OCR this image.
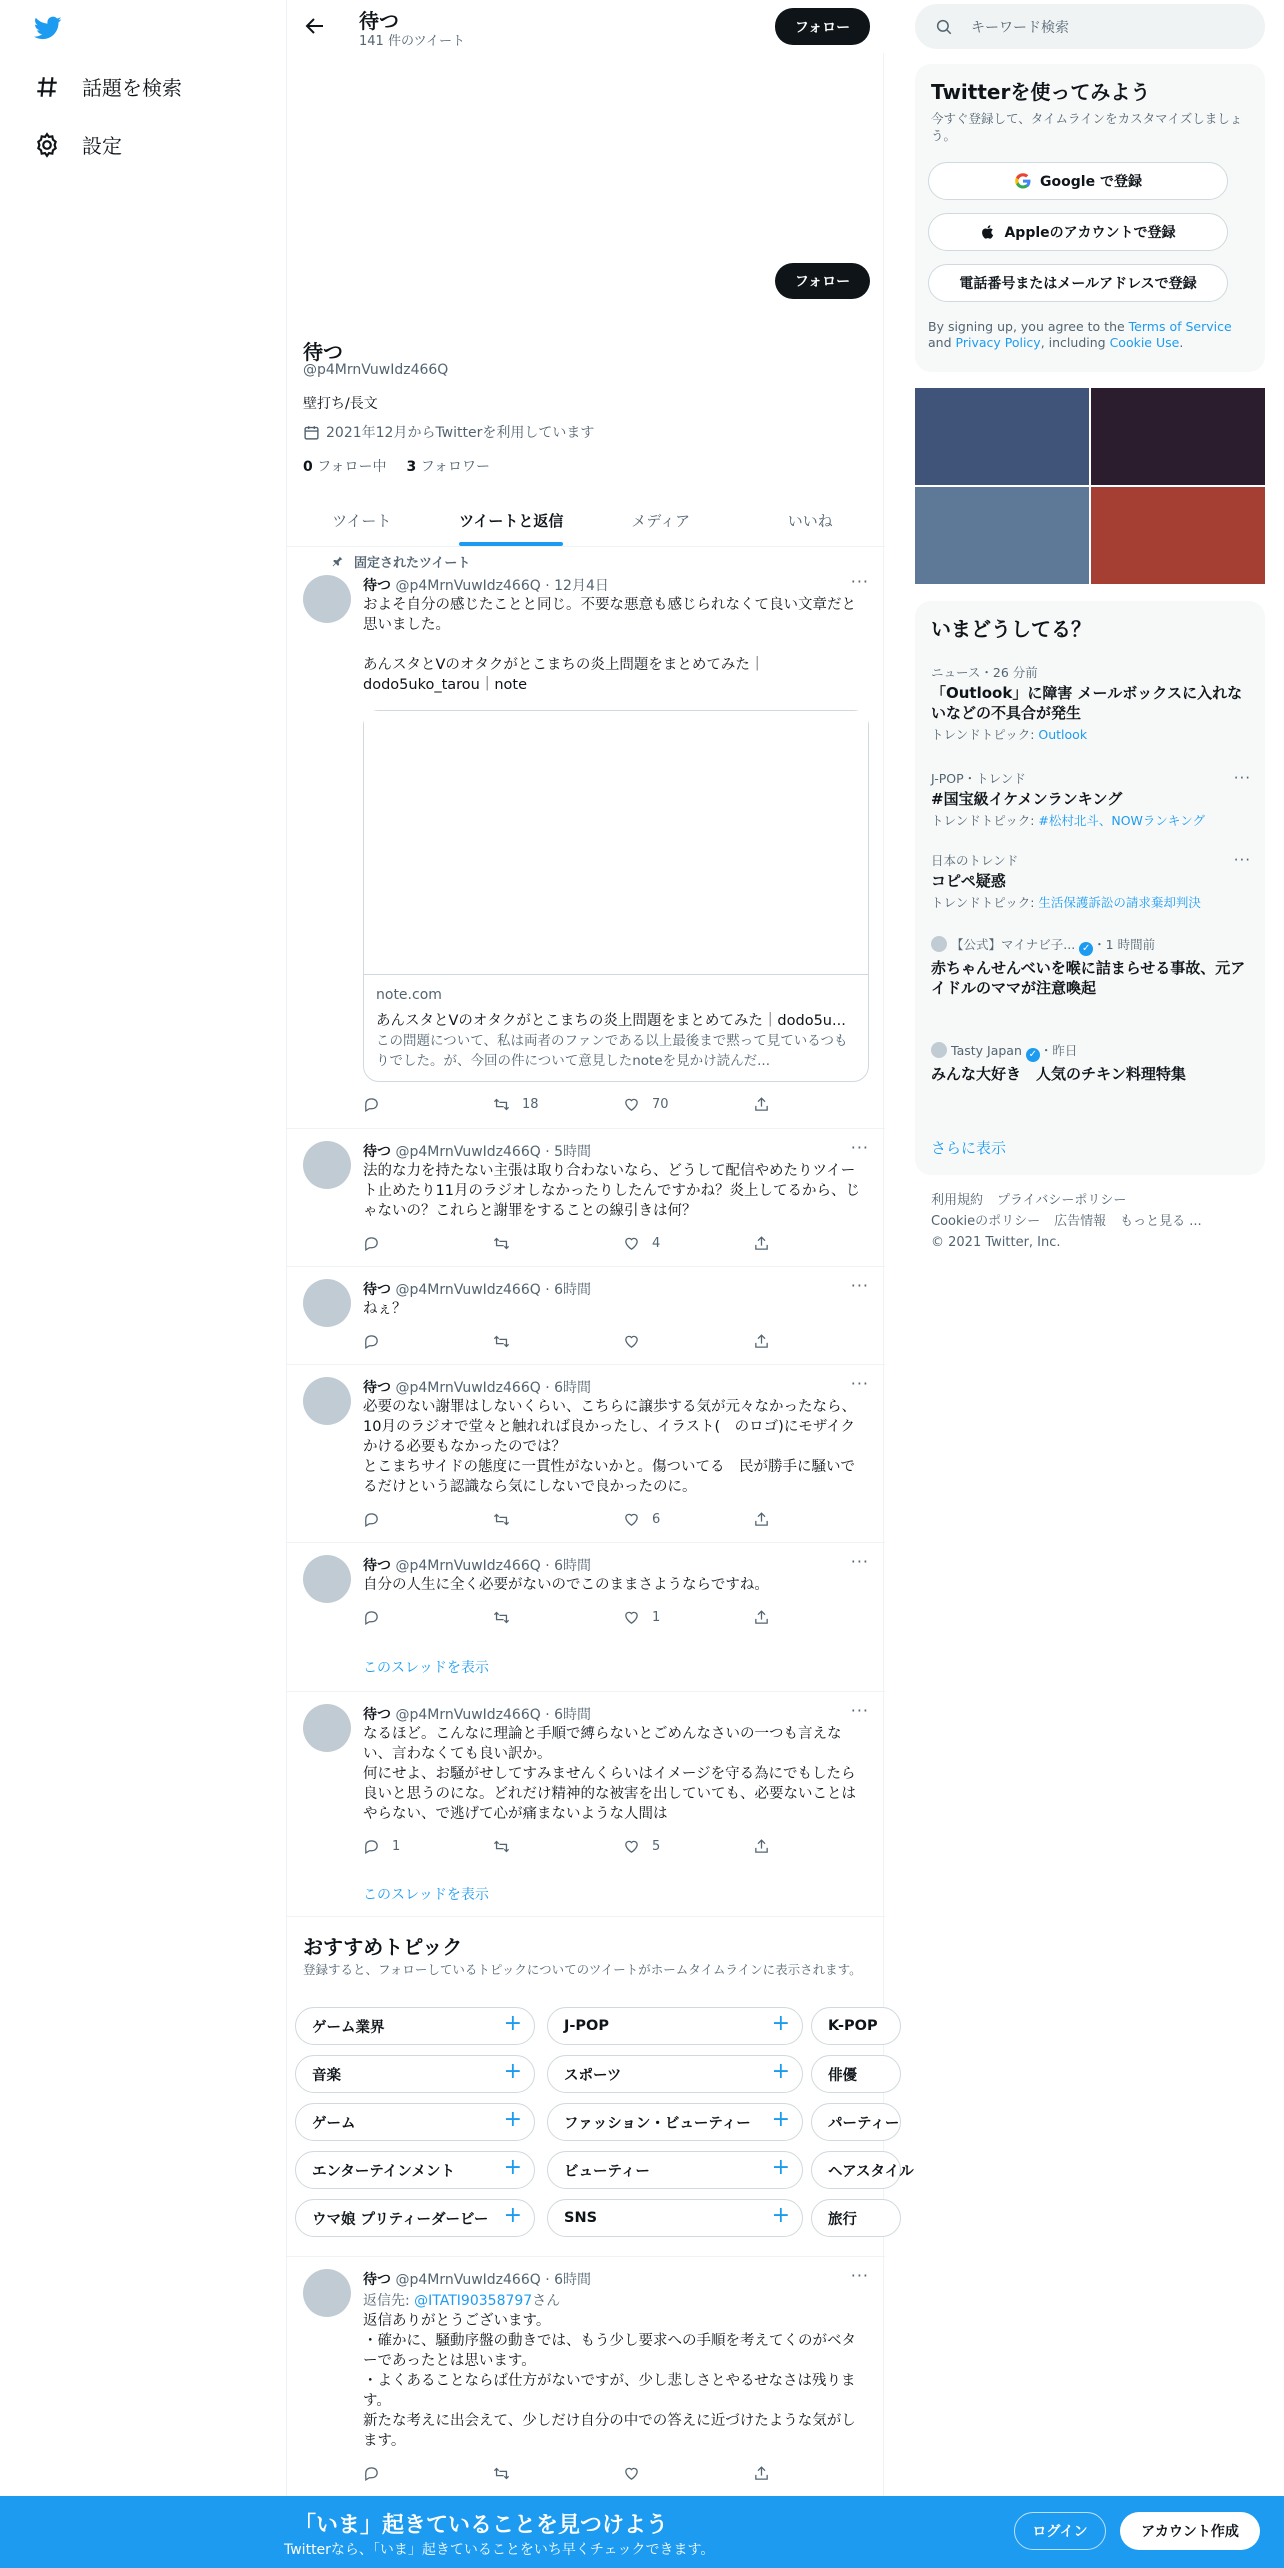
話題を検索
設定
待つ
141 件のツイート
フォロー
フォロー
待つ
@p4MrnVuwIdz466Q
壁打ち/長文
2021年12月からTwitterを利用しています
0 フォロー中 3 フォロワー
ツイート	ツイートと返信	メディア	いいね
固定されたツイート
待つ @p4MrnVuwIdz466Q · 12月4日	···
およそ自分の感じたことと同じ。不要な悪意も感じられなくて良い文章だと思いました。

あんスタとVのオタクがとこまちの炎上問題をまとめてみた｜dodo5uko_tarou｜note
note.com
あんスタとVのオタクがとこまちの炎上問題をまとめてみた｜dodo5u...
この問題について、私は両者のファンである以上最後まで黙って見ているつもりでした。が、今回の件について意見したnoteを見かけ読んだ...
18	70
待つ @p4MrnVuwIdz466Q · 5時間	···
法的な力を持たない主張は取り合わないなら、どうして配信やめたりツイート止めたり11月のラジオしなかったりしたんですかね？炎上してるから、じゃないの？これらと謝罪をすることの線引きは何？
4
待つ @p4MrnVuwIdz466Q · 6時間	···
ねぇ？
待つ @p4MrnVuwIdz466Q · 6時間	···
必要のない謝罪はしないくらい、こちらに譲歩する気が元々なかったなら、10月のラジオで堂々と触れれば良かったし、イラスト(　のロゴ)にモザイクかける必要もなかったのでは？
とこまちサイドの態度に一貫性がないかと。傷ついてる　民が勝手に騒いでるだけという認識なら気にしないで良かったのに。
6
待つ @p4MrnVuwIdz466Q · 6時間	···
自分の人生に全く必要がないのでこのままさようならですね。
1
このスレッドを表示
待つ @p4MrnVuwIdz466Q · 6時間	···
なるほど。こんなに理論と手順で縛らないとごめんなさいの一つも言えない、言わなくても良い訳か。
何にせよ、お騒がせしてすみませんくらいはイメージを守る為にでもしたら良いと思うのにな。どれだけ精神的な被害を出していても、必要ないことはやらない、で逃げて心が痛まないような人間は
1	5
このスレッドを表示
おすすめトピック
登録すると、フォローしているトピックについてのツイートがホームタイムラインに表示されます。
ゲーム業界	+	J-POP	+	K-POP
音楽	+	スポーツ	+	俳優
ゲーム	+	ファッション・ビューティー +	パーティー
エンターテインメント +	ビューティー	+	ヘアスタイル
ウマ娘 プリティーダービー +	SNS	+	旅行
待つ @p4MrnVuwIdz466Q · 6時間	···
返信先: @ITATI90358797さん
返信ありがとうございます。
・確かに、騒動序盤の動きでは、もう少し要求への手順を考えてくのがベターであったとは思います。
・よくあることならば仕方がないですが、少し悲しさとやるせなさは残ります。
新たな考えに出会えて、少しだけ自分の中での答えに近づけたような気がします。
キーワード検索
Twitterを使ってみよう
今すぐ登録して、タイムラインをカスタマイズしましょう。
Google で登録
Appleのアカウントで登録
電話番号またはメールアドレスで登録
By signing up, you agree to the Terms of Service and Privacy Policy, including Cookie Use.
いまどうしてる？
ニュース・26 分前
「Outlook」に障害 メールボックスに入れないなどの不具合が発生
トレンドトピック: Outlook
J-POP・トレンド	···
#国宝級イケメンランキング
トレンドトピック: #松村北斗、NOWランキング
日本のトレンド	···
コピペ疑惑
トレンドトピック: 生活保護訴訟の請求棄却判決
【公式】マイナビ子... ✓ ・1 時間前
赤ちゃんせんべいを喉に詰まらせる事故、元アイドルのママが注意喚起
Tasty Japan ✓ ・昨日
みんな大好き　人気のチキン料理特集
さらに表示
利用規約 プライバシーポリシー
Cookieのポリシー 広告情報 もっと見る ...
© 2021 Twitter, Inc.
「いま」起きていることを見つけよう
Twitterなら、「いま」起きていることをいち早くチェックできます。
ログイン	アカウント作成
